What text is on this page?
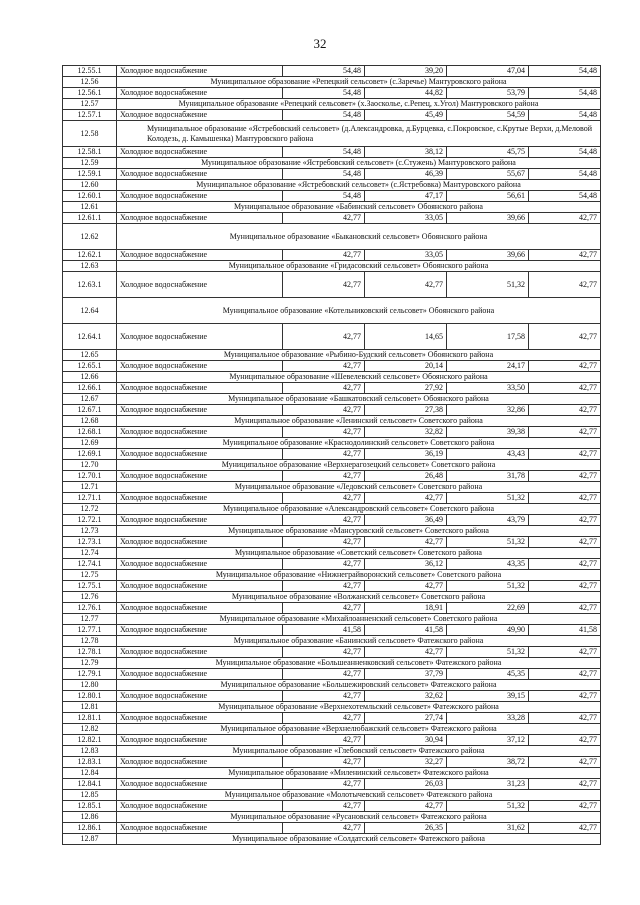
32
12.55.1	Холодное водоснабжение	54,48	39,20	47,04	54,48
12.56	Муниципальное образование «Репецкий сельсовет» (с.Заречье) Мантуровского района				
12.56.1	Холодное водоснабжение	54,48	44,82	53,79	54,48
12.57	Муниципальное образование «Репецкий сельсовет» (х.Заосколье, с.Репец, х.Угол) Мантуровского района				
12.57.1	Холодное водоснабжение	54,48	45,49	54,59	54,48
12.58	Муниципальное образование «Ястребовский сельсовет» (д.Александровка, д.Бурцевка, с.Покровское, с.Крутые Верхи, д.Меловой Колодезь, д. Камышенка) Мантуровского района				
12.58.1	Холодное водоснабжение	54,48	38,12	45,75	54,48
12.59	Муниципальное образование «Ястребовский сельсовет» (с.Стужень) Мантуровского района				
12.59.1	Холодное водоснабжение	54,48	46,39	55,67	54,48
12.60	Муниципальное образование «Ястребовский сельсовет» (с.Ястребовка) Мантуровского района				
12.60.1	Холодное водоснабжение	54,48	47,17	56,61	54,48
12.61	Муниципальное образование «Бабинский сельсовет» Обоянского района				
12.61.1	Холодное водоснабжение	42,77	33,05	39,66	42,77
12.62	Муниципальное образование «Быкановский сельсовет» Обоянского района				
12.62.1	Холодное водоснабжение	42,77	33,05	39,66	42,77
12.63	Муниципальное образование «Гридасовский сельсовет» Обоянского района				
12.63.1	Холодное водоснабжение	42,77	42,77	51,32	42,77
12.64	Муниципальное образование «Котельниковский сельсовет» Обоянского района				
12.64.1	Холодное водоснабжение	42,77	14,65	17,58	42,77
12.65	Муниципальное образование «Рыбино-Будский сельсовет» Обоянского района				
12.65.1	Холодное водоснабжение	42,77	20,14	24,17	42,77
12.66	Муниципальное образование «Шевелевский сельсовет» Обоянского района				
12.66.1	Холодное водоснабжение	42,77	27,92	33,50	42,77
12.67	Муниципальное образование «Башкатовский сельсовет» Обоянского района				
12.67.1	Холодное водоснабжение	42,77	27,38	32,86	42,77
12.68	Муниципальное образование «Ленинский сельсовет» Советского района				
12.68.1	Холодное водоснабжение	42,77	32,82	39,38	42,77
12.69	Муниципальное образование «Краснодолинский сельсовет» Советского района				
12.69.1	Холодное водоснабжение	42,77	36,19	43,43	42,77
12.70	Муниципальное образование «Верхнерагозецкий сельсовет» Советского района				
12.70.1	Холодное водоснабжение	42,77	26,48	31,78	42,77
12.71	Муниципальное образование «Ледовский сельсовет» Советского района				
12.71.1	Холодное водоснабжение	42,77	42,77	51,32	42,77
12.72	Муниципальное образование «Александровский сельсовет» Советского района				
12.72.1	Холодное водоснабжение	42,77	36,49	43,79	42,77
12.73	Муниципальное образование «Мансуровский сельсовет» Советского района				
12.73.1	Холодное водоснабжение	42,77	42,77	51,32	42,77
12.74	Муниципальное образование «Советский сельсовет» Советского района				
12.74.1	Холодное водоснабжение	42,77	36,12	43,35	42,77
12.75	Муниципальное образование «Нижнеграйворонский сельсовет» Советского района				
12.75.1	Холодное водоснабжение	42,77	42,77	51,32	42,77
12.76	Муниципальное образование «Волжанский сельсовет» Советского района				
12.76.1	Холодное водоснабжение	42,77	18,91	22,69	42,77
12.77	Муниципальное образование «Михайлоанненский сельсовет» Советского района				
12.77.1	Холодное водоснабжение	41,58	41,58	49,90	41,58
12.78	Муниципальное образование «Банинский сельсовет» Фатежского района				
12.78.1	Холодное водоснабжение	42,77	42,77	51,32	42,77
12.79	Муниципальное образование «Большеанненковский сельсовет» Фатежского района				
12.79.1	Холодное водоснабжение	42,77	37,79	45,35	42,77
12.80	Муниципальное образование «Большежировский сельсовет» Фатежского района				
12.80.1	Холодное водоснабжение	42,77	32,62	39,15	42,77
12.81	Муниципальное образование «Верхнехотемльский сельсовет» Фатежского района				
12.81.1	Холодное водоснабжение	42,77	27,74	33,28	42,77
12.82	Муниципальное образование «Верхнелюбажский сельсовет» Фатежского района				
12.82.1	Холодное водоснабжение	42,77	30,94	37,12	42,77
12.83	Муниципальное образование «Глебовский сельсовет» Фатежского района				
12.83.1	Холодное водоснабжение	42,77	32,27	38,72	42,77
12.84	Муниципальное образование «Миленинский сельсовет» Фатежского района				
12.84.1	Холодное водоснабжение	42,77	26,03	31,23	42,77
12.85	Муниципальное образование «Молотычевский сельсовет» Фатежского района				
12.85.1	Холодное водоснабжение	42,77	42,77	51,32	42,77
12.86	Муниципальное образование «Русановский сельсовет» Фатежского района				
12.86.1	Холодное водоснабжение	42,77	26,35	31,62	42,77
12.87	Муниципальное образование «Солдатский сельсовет» Фатежского района				
